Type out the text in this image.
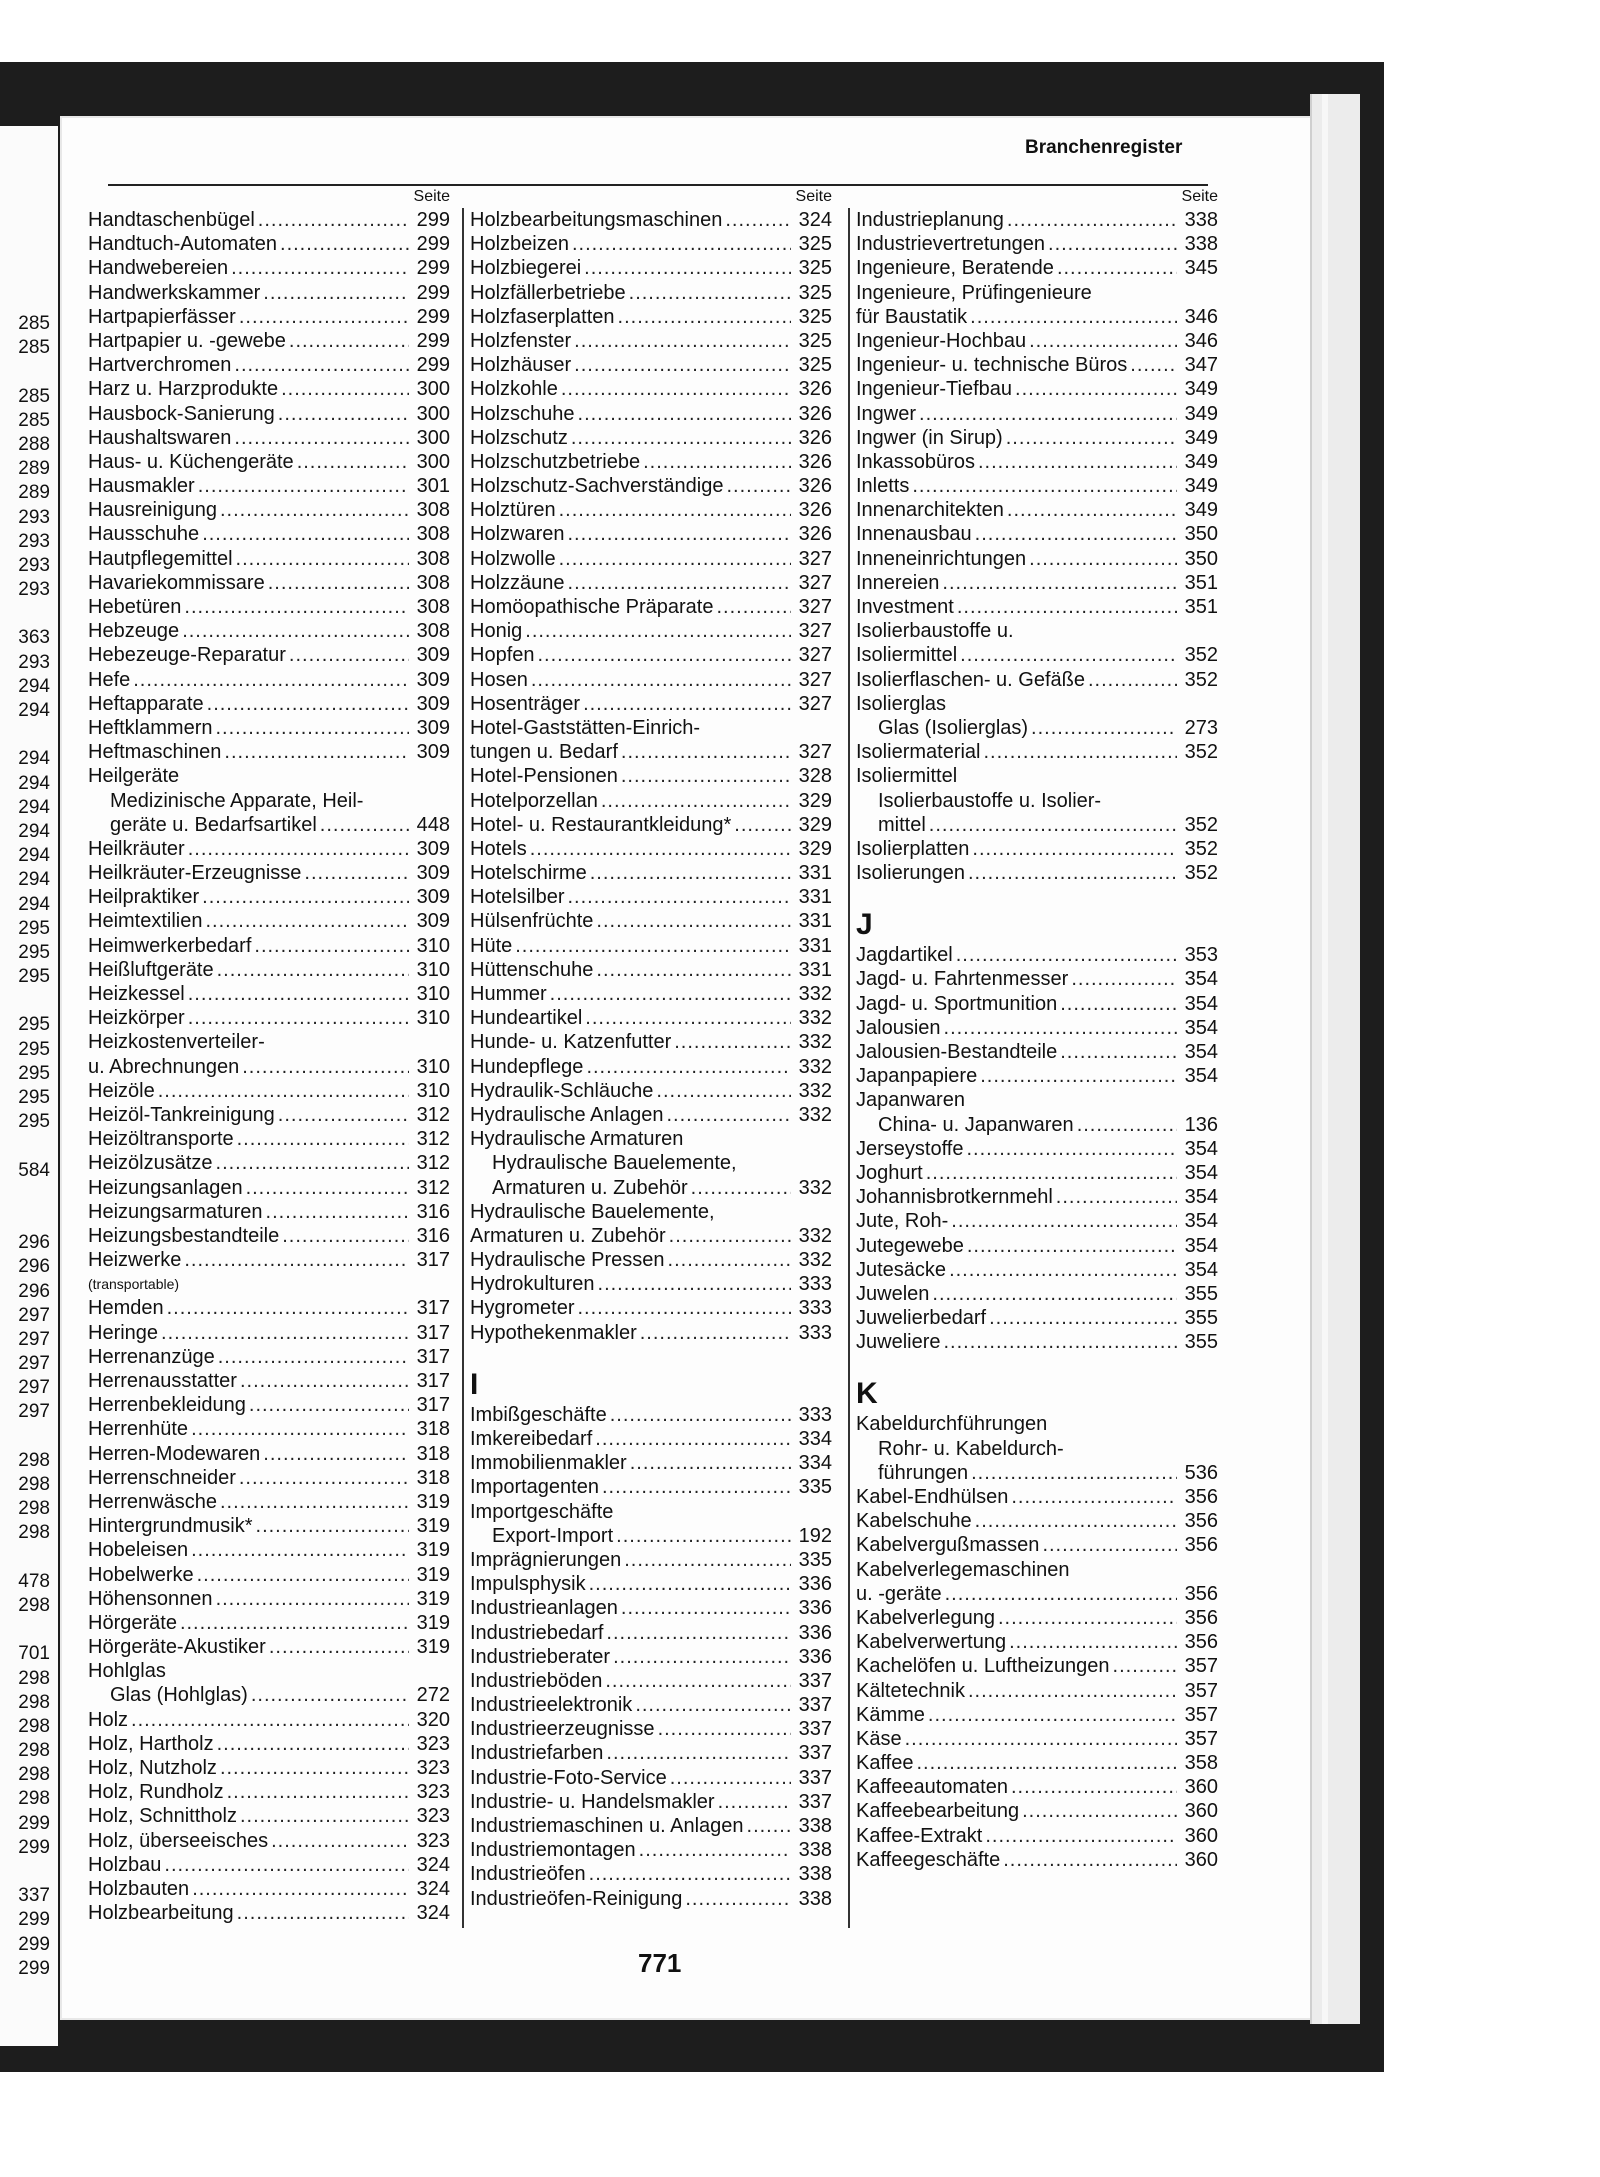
285
285
285
285
288
289
289
293
293
293
293
363
293
294
294
294
294
294
294
294
294
294
295
295
295
295
295
295
295
295
584
296
296
296
297
297
297
297
297
298
298
298
298
478
298
701
298
298
298
298
298
298
299
299
337
299
299
299
Branchenregister
Seite
Handtaschenbügel .....	299
Handtuch-Automaten .....	299
Handwebereien .....	299
Handwerkskammer .....	299
Hartpapierfässer .....	299
Hartpapier u. -gewebe .....	299
Hartverchromen .....	299
Harz u. Harzprodukte .....	300
Hausbock-Sanierung .....	300
Haushaltswaren .....	300
Haus- u. Küchengeräte .....	300
Hausmakler .....	301
Hausreinigung .....	308
Hausschuhe .....	308
Hautpflegemittel .....	308
Havariekommissare .....	308
Hebetüren .....	308
Hebzeuge .....	308
Hebezeuge-Reparatur .....	309
Hefe .....	309
Heftapparate .....	309
Heftklammern .....	309
Heftmaschinen .....	309
Heilgeräte
Medizinische Apparate, Heil-
geräte u. Bedarfsartikel .....	448
Heilkräuter .....	309
Heilkräuter-Erzeugnisse .....	309
Heilpraktiker .....	309
Heimtextilien .....	309
Heimwerkerbedarf .....	310
Heißluftgeräte .....	310
Heizkessel .....	310
Heizkörper .....	310
Heizkostenverteiler-
u. Abrechnungen .....	310
Heizöle .....	310
Heizöl-Tankreinigung .....	312
Heizöltransporte .....	312
Heizölzusätze .....	312
Heizungsanlagen .....	312
Heizungsarmaturen .....	316
Heizungsbestandteile .....	316
Heizwerke .....	317
(transportable)
Hemden .....	317
Heringe .....	317
Herrenanzüge .....	317
Herrenausstatter .....	317
Herrenbekleidung .....	317
Herrenhüte .....	318
Herren-Modewaren .....	318
Herrenschneider .....	318
Herrenwäsche .....	319
Hintergrundmusik* .....	319
Hobeleisen .....	319
Hobelwerke .....	319
Höhensonnen .....	319
Hörgeräte .....	319
Hörgeräte-Akustiker .....	319
Hohlglas
Glas (Hohlglas) .....	272
Holz .....	320
Holz, Hartholz .....	323
Holz, Nutzholz .....	323
Holz, Rundholz .....	323
Holz, Schnittholz .....	323
Holz, überseeisches .....	323
Holzbau .....	324
Holzbauten .....	324
Holzbearbeitung .....	324
Seite
Holzbearbeitungsmaschinen .....	324
Holzbeizen .....	325
Holzbiegerei .....	325
Holzfällerbetriebe .....	325
Holzfaserplatten .....	325
Holzfenster .....	325
Holzhäuser .....	325
Holzkohle .....	326
Holzschuhe .....	326
Holzschutz .....	326
Holzschutzbetriebe .....	326
Holzschutz-Sachverständige .....	326
Holztüren .....	326
Holzwaren .....	326
Holzwolle .....	327
Holzzäune .....	327
Homöopathische Präparate .....	327
Honig .....	327
Hopfen .....	327
Hosen .....	327
Hosenträger .....	327
Hotel-Gaststätten-Einrich-
tungen u. Bedarf .....	327
Hotel-Pensionen .....	328
Hotelporzellan .....	329
Hotel- u. Restaurantkleidung* .....	329
Hotels .....	329
Hotelschirme .....	331
Hotelsilber .....	331
Hülsenfrüchte .....	331
Hüte .....	331
Hüttenschuhe .....	331
Hummer .....	332
Hundeartikel .....	332
Hunde- u. Katzenfutter .....	332
Hundepflege .....	332
Hydraulik-Schläuche .....	332
Hydraulische Anlagen .....	332
Hydraulische Armaturen
Hydraulische Bauelemente,
Armaturen u. Zubehör .....	332
Hydraulische Bauelemente,
Armaturen u. Zubehör .....	332
Hydraulische Pressen .....	332
Hydrokulturen .....	333
Hygrometer .....	333
Hypothekenmakler .....	333
I
Imbißgeschäfte .....	333
Imkereibedarf .....	334
Immobilienmakler .....	334
Importagenten .....	335
Importgeschäfte
Export-Import .....	192
Imprägnierungen .....	335
Impulsphysik .....	336
Industrieanlagen .....	336
Industriebedarf .....	336
Industrieberater .....	336
Industrieböden .....	337
Industrieelektronik .....	337
Industrieerzeugnisse .....	337
Industriefarben .....	337
Industrie-Foto-Service .....	337
Industrie- u. Handelsmakler .....	337
Industriemaschinen u. Anlagen .....	338
Industriemontagen .....	338
Industrieöfen .....	338
Industrieöfen-Reinigung .....	338
Seite
Industrieplanung .....	338
Industrievertretungen .....	338
Ingenieure, Beratende .....	345
Ingenieure, Prüfingenieure
für Baustatik .....	346
Ingenieur-Hochbau .....	346
Ingenieur- u. technische Büros .....	347
Ingenieur-Tiefbau .....	349
Ingwer .....	349
Ingwer (in Sirup) .....	349
Inkassobüros .....	349
Inletts .....	349
Innenarchitekten .....	349
Innenausbau .....	350
Inneneinrichtungen .....	350
Innereien .....	351
Investment .....	351
Isolierbaustoffe u.
Isoliermittel .....	352
Isolierflaschen- u. Gefäße .....	352
Isolierglas
Glas (Isolierglas) .....	273
Isoliermaterial .....	352
Isoliermittel
Isolierbaustoffe u. Isolier-
mittel .....	352
Isolierplatten .....	352
Isolierungen .....	352
J
Jagdartikel .....	353
Jagd- u. Fahrtenmesser .....	354
Jagd- u. Sportmunition .....	354
Jalousien .....	354
Jalousien-Bestandteile .....	354
Japanpapiere .....	354
Japanwaren
China- u. Japanwaren .....	136
Jerseystoffe .....	354
Joghurt .....	354
Johannisbrotkernmehl .....	354
Jute, Roh- .....	354
Jutegewebe .....	354
Jutesäcke .....	354
Juwelen .....	355
Juwelierbedarf .....	355
Juweliere .....	355
K
Kabeldurchführungen
Rohr- u. Kabeldurch-
führungen .....	536
Kabel-Endhülsen .....	356
Kabelschuhe .....	356
Kabelvergußmassen .....	356
Kabelverlegemaschinen
u. -geräte .....	356
Kabelverlegung .....	356
Kabelverwertung .....	356
Kachelöfen u. Luftheizungen .....	357
Kältetechnik .....	357
Kämme .....	357
Käse .....	357
Kaffee .....	358
Kaffeeautomaten .....	360
Kaffeebearbeitung .....	360
Kaffee-Extrakt .....	360
Kaffeegeschäfte .....	360
771
